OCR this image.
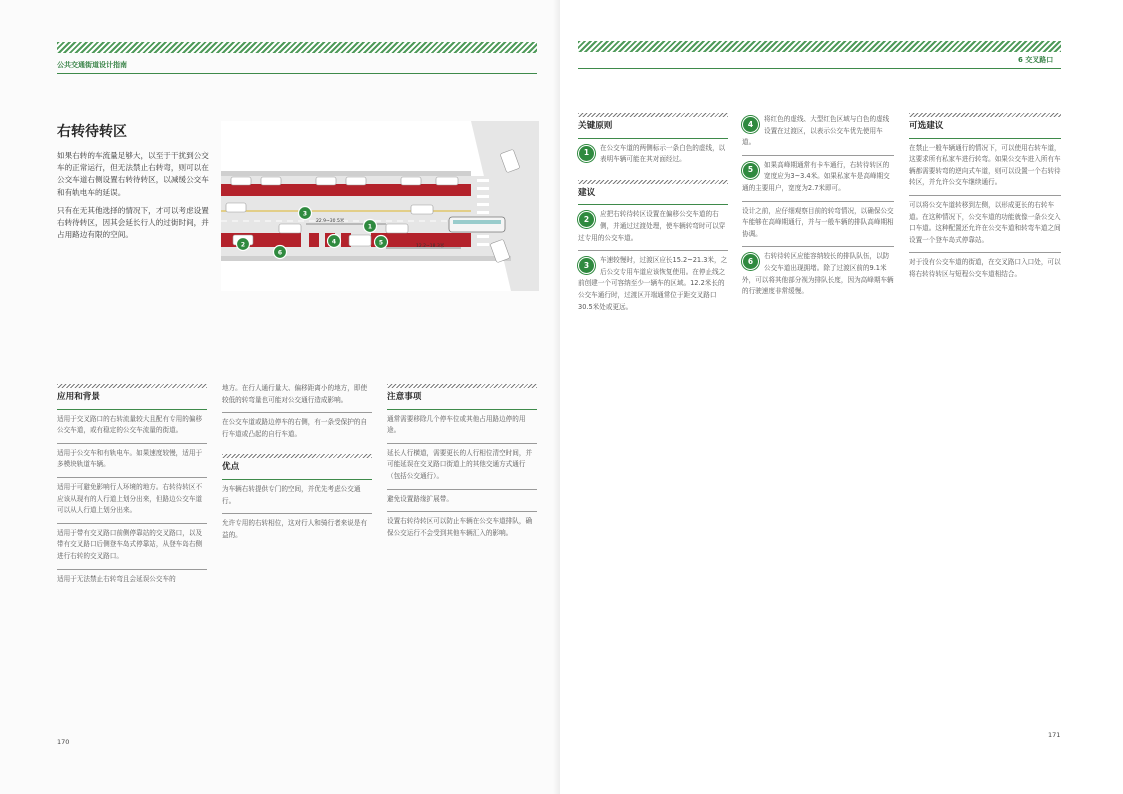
公共交通街道设计指南
右转待转区

如果右转的车流量足够大，以至于干扰到公交车的正常运行，但无法禁止右转弯，则可以在公交车道右侧设置右转待转区，以减缓公交车和有轨电车的延误。

只有在无其他选择的情况下，才可以考虑设置右转待转区，因其会延长行人的过街时间，并占用路边有限的空间。

22.9~30.5米
12.2~18.3米
1
2
3
4	5
6
应用和背景

适用于交叉路口的右转流量较大且配有专用的偏移公交车道，或有稳定的公交车流量的街道。

适用于公交车和有轨电车。如果速度较慢，适用于多模块轨道车辆。

适用于可避免影响行人环境的地方。右转待转区不应该从现有的人行道上划分出来，但路边公交车道可以从人行道上划分出来。

适用于带有交叉路口前侧停靠站的交叉路口，以及带有交叉路口后侧登车岛式停靠站，从登车岛右侧进行右转的交叉路口。

适用于无法禁止右转弯且会延误公交车的

地方。在行人通行量大、偏移距离小的地方，即使较低的转弯量也可能对公交通行造成影响。

在公交车道或路边停车的右侧，有一条受保护的自行车道或凸起的自行车道。

优点

为车辆右转提供专门的空间，并优先考虑公交通行。

允许专用的右转相位，这对行人和骑行者来说是有益的。

注意事项

通常需要移除几个停车位或其他占用路边停的用途。

延长人行横道，需要更长的人行相位清空时间，并可能延误在交叉路口街道上的其他交通方式通行（包括公交通行）。

避免设置路缘扩展带。

设置右转待转区可以防止车辆在公交车道排队，确保公交运行不会受到其他车辆汇入的影响。

170
6 交叉路口
关键原则
1
在公交车道的两侧标示一条白色的虚线，以表明车辆可能在其对面经过。
建议
2
应把右转待转区设置在偏移公交车道的右侧，并通过过渡处理，使车辆转弯时可以穿过专用的公交车道。
3
车速较慢时，过渡区应长15.2~21.3米，之后公交专用车道应该恢复使用。在停止线之前创建一个可容纳至少一辆车的区域。12.2米长的公交车通行时，过渡区开端通常位于距交叉路口30.5米处或更远。
4
将红色的虚线、大型红色区域与白色的虚线设置在过渡区，以表示公交车优先使用车道。
5
如果高峰期通常有卡车通行，右转待转区的宽度应为3~3.4米。如果私家车是高峰期交通的主要用户，宽度为2.7米即可。

设计之前，应仔细观察目前的转弯情况，以确保公交车能够在高峰期通行，并与一般车辆的排队高峰期相协调。

6
右转待转区应能容纳较长的排队队伍，以防公交车道出现拥堵。除了过渡区前的9.1米外，可以将其他部分视为排队长度，因为高峰期车辆的行驶速度非常缓慢。
可选建议

在禁止一般车辆通行的情况下，可以使用右转车道，这要求所有私家车进行转弯。如果公交车进入所有车辆都需要转弯的逆向式车道，则可以设置一个右转待转区，并允许公交车继续通行。

可以将公交车道转移到左侧，以形成更长的右转车道。在这种情况下，公交车道的功能就像一条公交入口车道。这种配置还允许在公交车道和转弯车道之间设置一个登车岛式停靠站。

对于没有公交车道的街道，在交叉路口入口处，可以将右转待转区与短程公交车道相结合。

171
